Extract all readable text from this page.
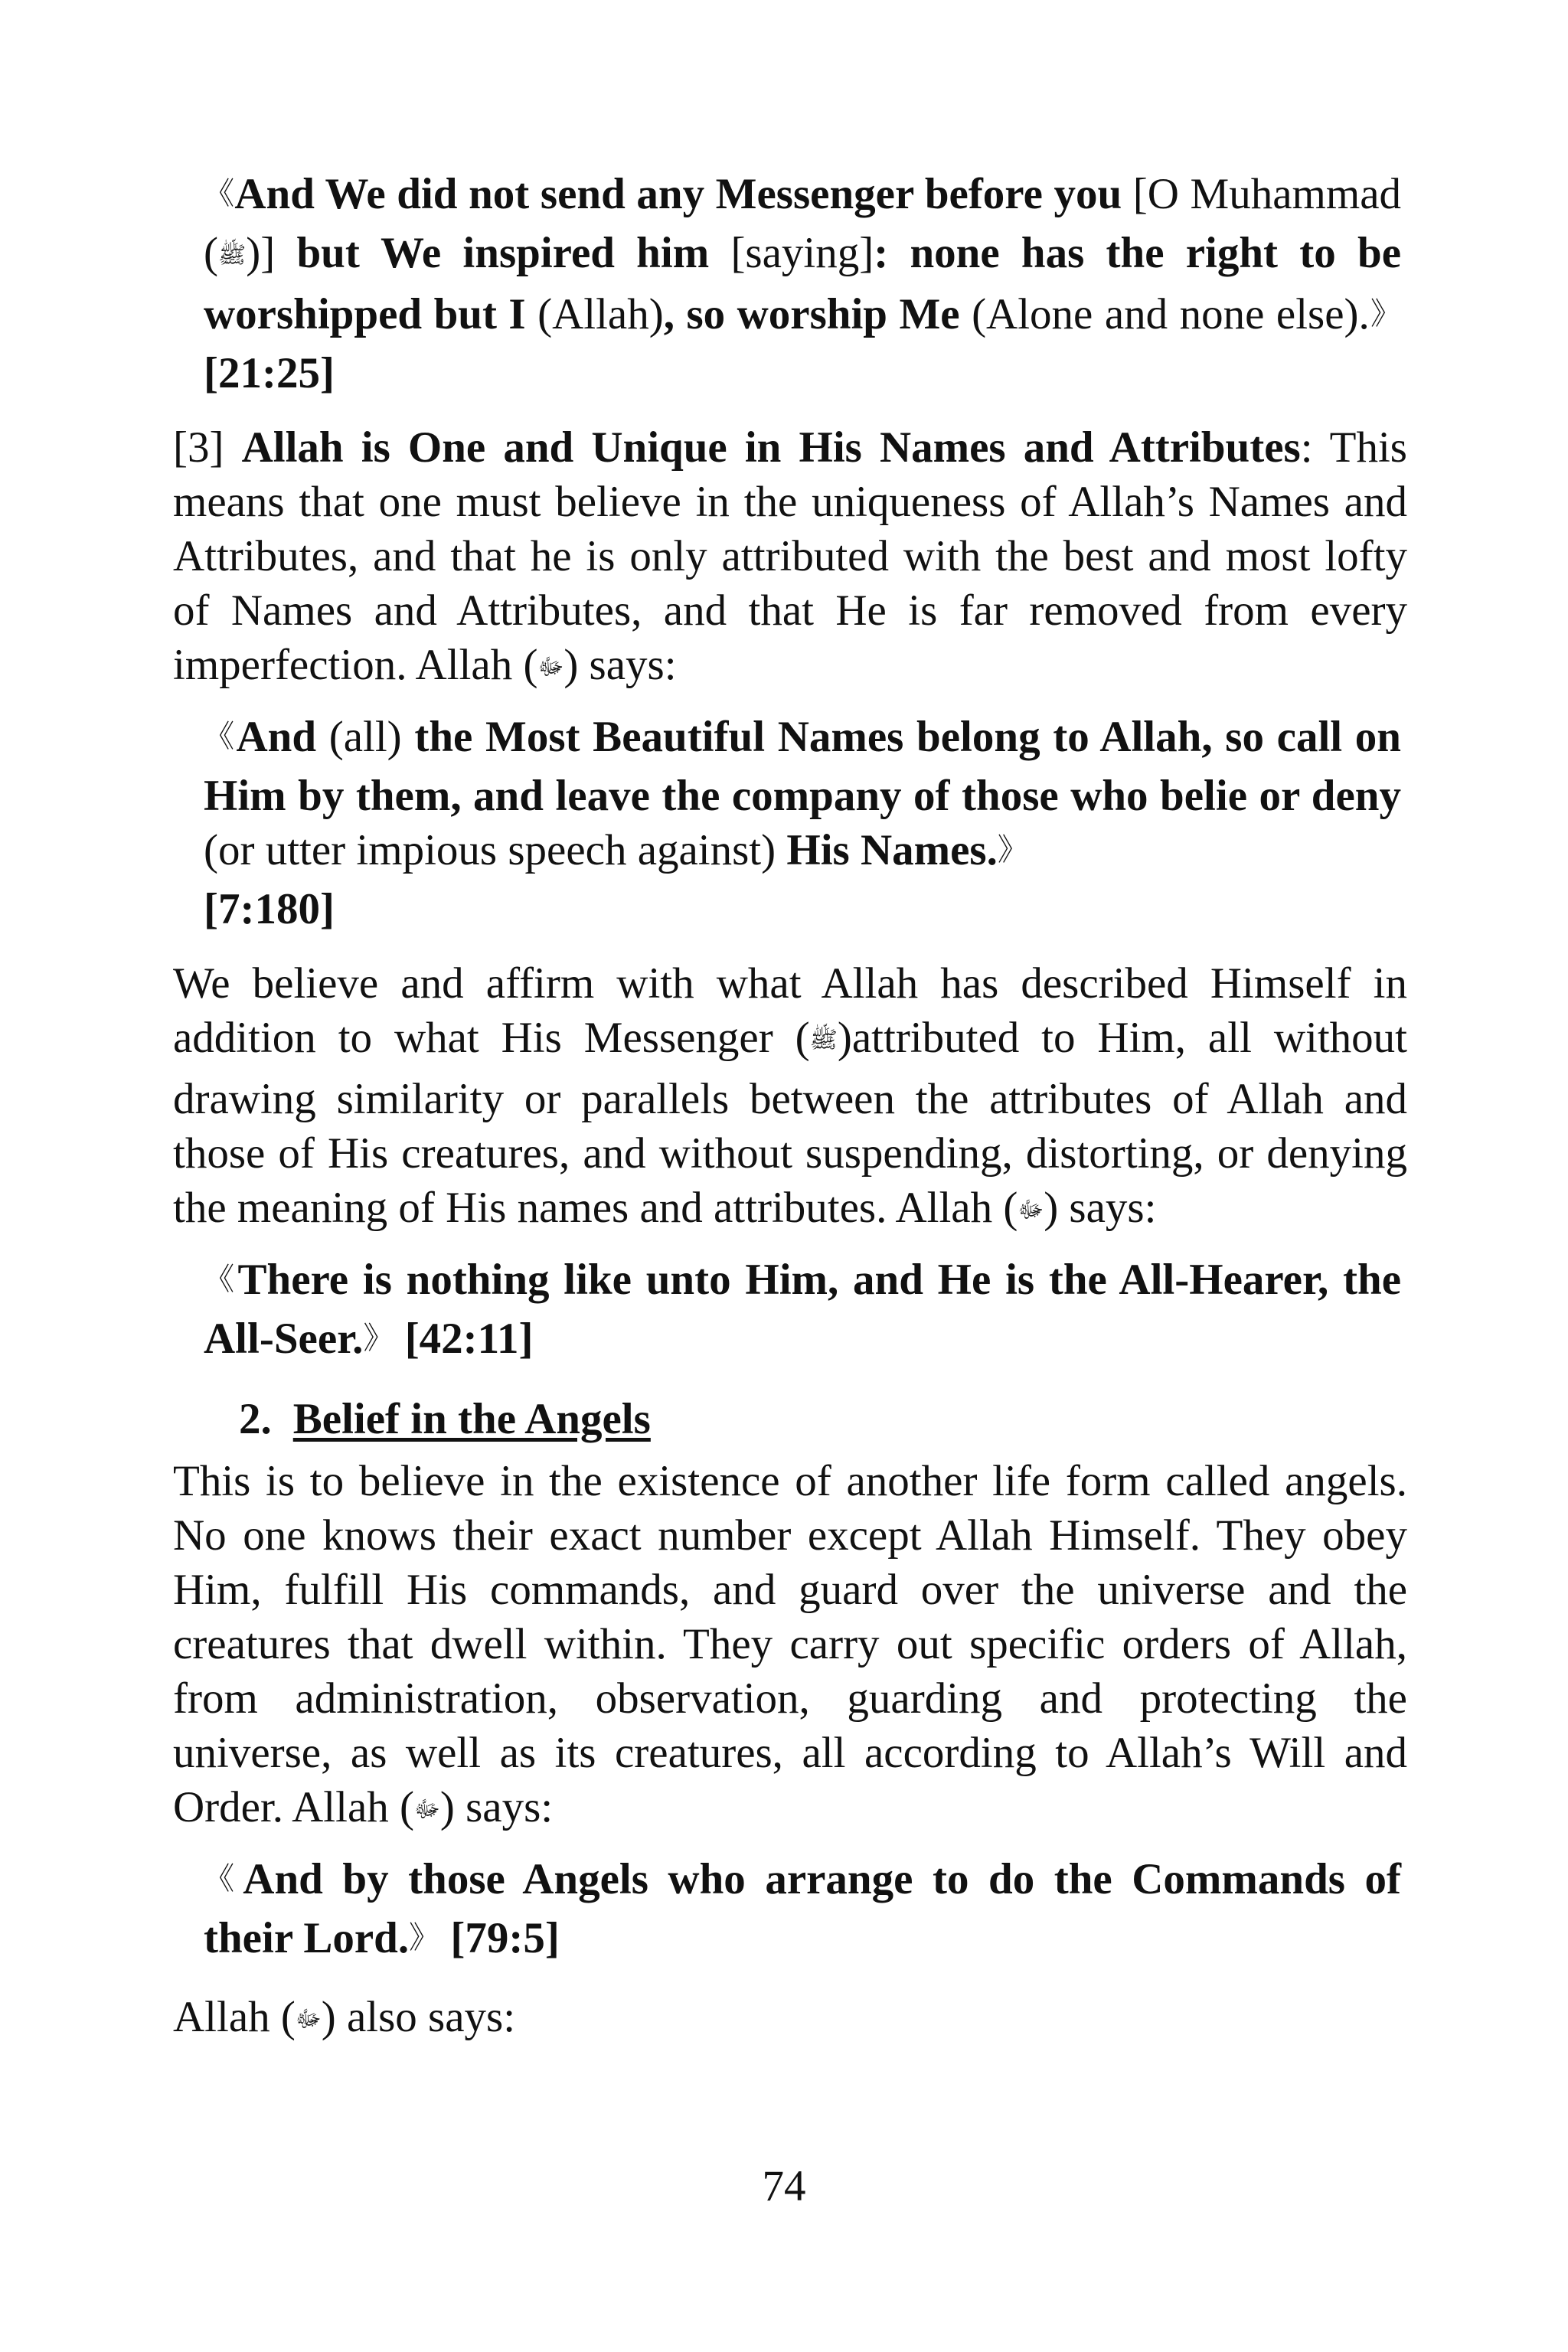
《And We did not send any Messenger before you [O Muhammad (ﷺ)] but We inspired him [saying]: none has the right to be worshipped but I (Allah), so worship Me (Alone and none else).》 [21:25]

[3] Allah is One and Unique in His Names and Attributes: This means that one must believe in the uniqueness of Allah’s Names and Attributes, and that he is only attributed with the best and most lofty of Names and Attributes, and that He is far removed from every imperfection. Allah (ﷻ) says:

《And (all) the Most Beautiful Names belong to Allah, so call on Him by them, and leave the company of those who belie or deny (or utter impious speech against) His Names.》
[7:180]

We believe and affirm with what Allah has described Himself in addition to what His Messenger (ﷺ)attributed to Him, all without drawing similarity or parallels between the attributes of Allah and those of His creatures, and without suspending, distorting, or denying the meaning of His names and attributes. Allah (ﷻ) says:

《There is nothing like unto Him, and He is the All-Hearer, the All-Seer.》 [42:11]

2. Belief in the Angels

This is to believe in the existence of another life form called angels. No one knows their exact number except Allah Himself. They obey Him, fulfill His commands, and guard over the universe and the creatures that dwell within. They carry out specific orders of Allah, from administration, observation, guarding and protecting the universe, as well as its creatures, all according to Allah’s Will and Order. Allah (ﷻ) says:

《And by those Angels who arrange to do the Commands of their Lord.》 [79:5]

Allah (ﷻ) also says:

74
